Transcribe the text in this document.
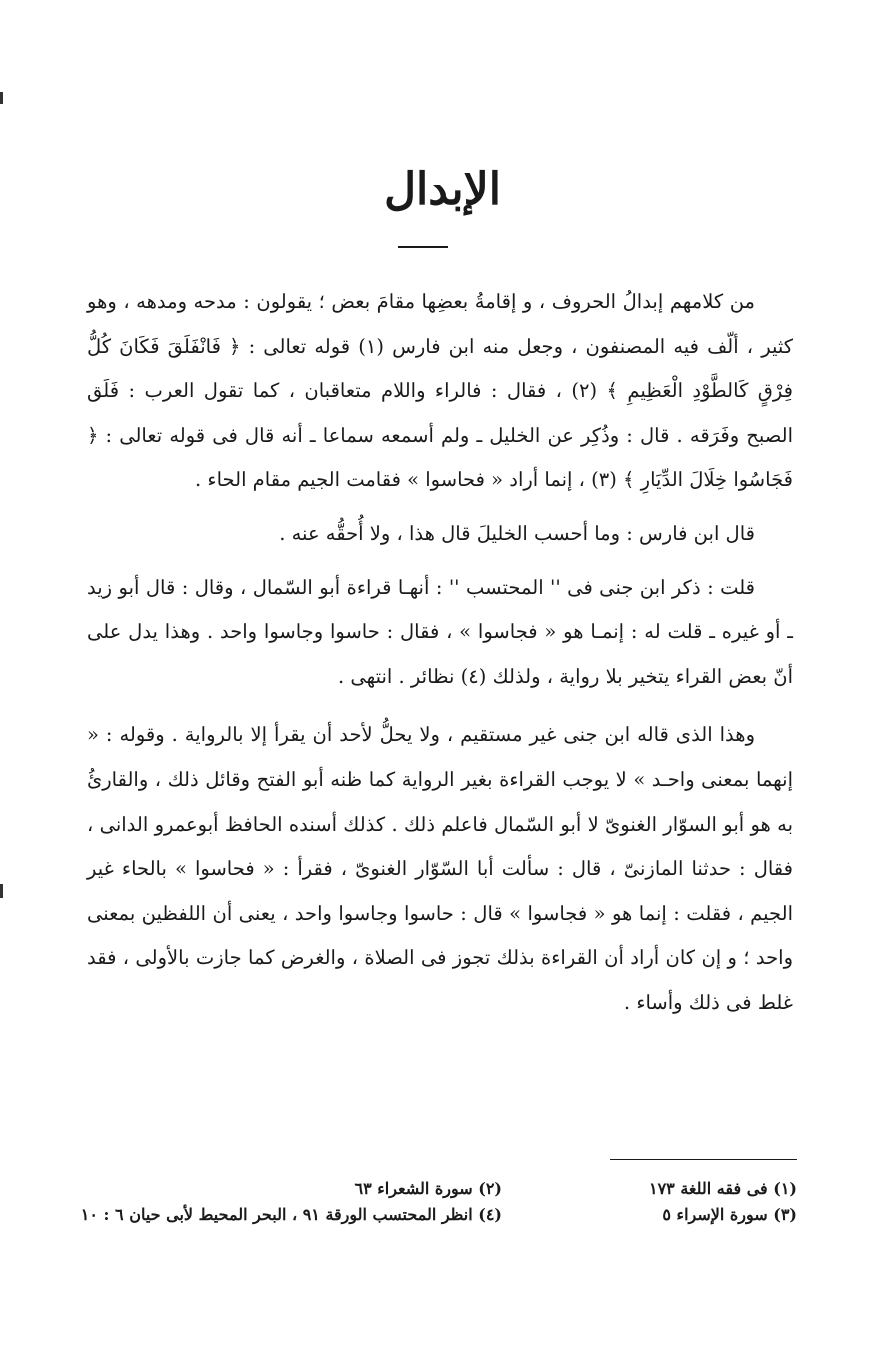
الإبدال

من كلامهم إبدالُ الحروف ، و إقامةُ بعضِها مقامَ بعض ؛ يقولون : مدحه ومدهه ، وهو كثير ، ألّف فيه المصنفون ، وجعل منه ابن فارس (١) قوله تعالى : ﴿ فَانْفَلَقَ فَكَانَ كُلُّ فِرْقٍ كَالطَّوْدِ الْعَظِيمِ ﴾ (٢) ، فقال : فالراء واللام متعاقبان ، كما تقول العرب : فَلَق الصبح وفَرَقه . قال : وذُكِر عن الخليل ـ ولم أسمعه سماعا ـ أنه قال فى قوله تعالى : ﴿ فَجَاسُوا خِلَالَ الدِّيَارِ ﴾ (٣) ، إنما أراد « فحاسوا » فقامت الجيم مقام الحاء .

قال ابن فارس : وما أحسب الخليلَ قال هذا ، ولا أُحقُّه عنه .

قلت : ذكر ابن جنى فى '' المحتسب '' : أنهـا قراءة أبو السّمال ، وقال : قال أبو زيد ـ أو غيره ـ قلت له : إنمـا هو « فجاسوا » ، فقال : حاسوا وجاسوا واحد . وهذا يدل على أنّ بعض القراء يتخير بلا رواية ، ولذلك (٤) نظائر . انتهى .

وهذا الذى قاله ابن جنى غير مستقيم ، ولا يحلُّ لأحد أن يقرأ إلا بالرواية . وقوله : « إنهما بمعنى واحـد » لا يوجب القراءة بغير الرواية كما ظنه أبو الفتح وقائل ذلك ، والقارئُ به هو أبو السوّار الغنوىّ لا أبو السّمال فاعلم ذلك . كذلك أسنده الحافظ أبوعمرو الدانى ، فقال : حدثنا المازنىّ ، قال : سألت أبا السّوّار الغنوىّ ، فقرأ : « فحاسوا » بالحاء غير الجيم ، فقلت : إنما هو « فجاسوا » قال : حاسوا وجاسوا واحد ، يعنى أن اللفظين بمعنى واحد ؛ و إن كان أراد أن القراءة بذلك تجوز فى الصلاة ، والغرض كما جازت بالأولى ، فقد غلط فى ذلك وأساء .

(١) فى فقه اللغة ١٧٣
(٢) سورة الشعراء ٦٣
(٣) سورة الإسراء ٥
(٤) انظر المحتسب الورقة ٩١ ، البحر المحيط لأبى حيان ٦ : ١٠
